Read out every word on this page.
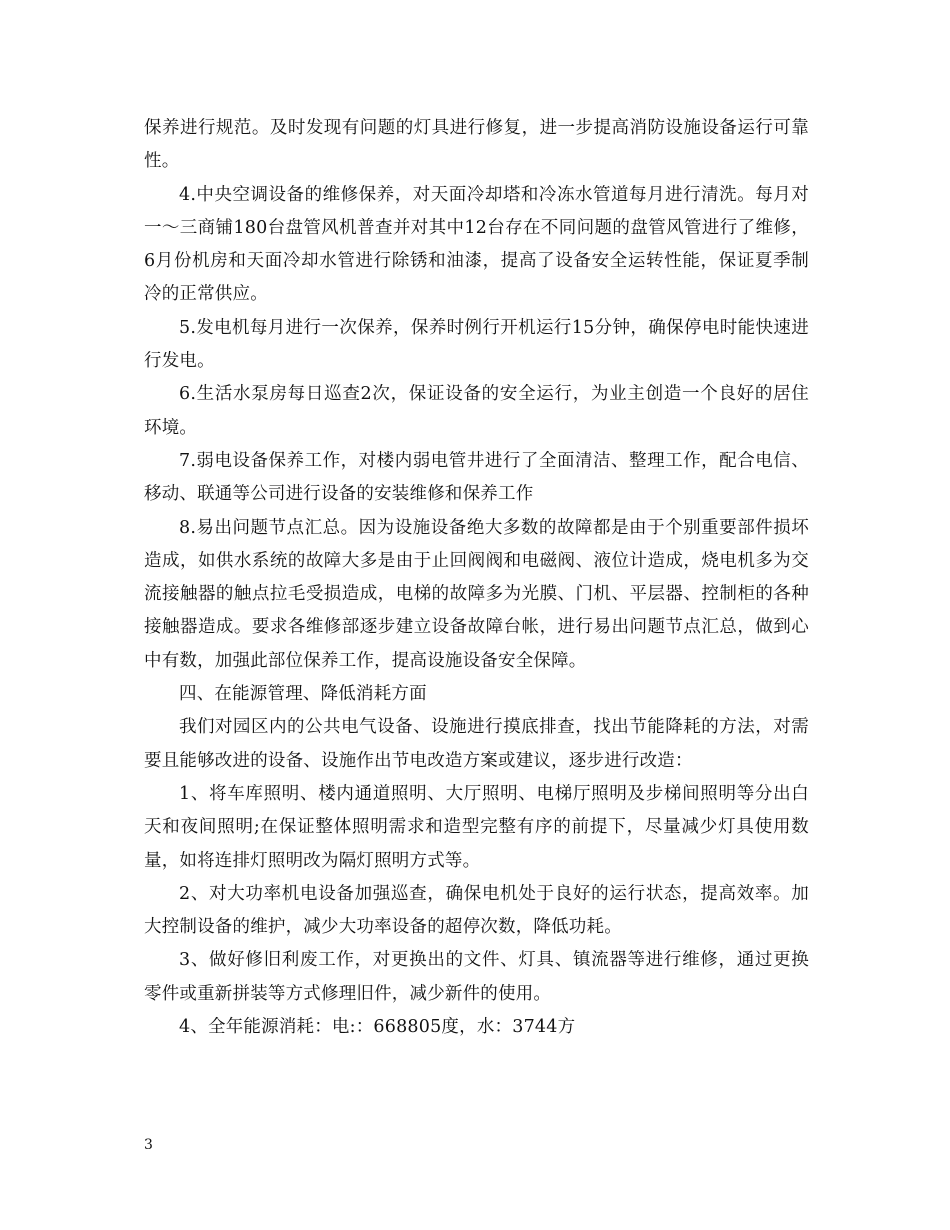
保养进行规范。及时发现有问题的灯具进行修复，进一步提高消防设施设备运行可靠性。

4.中央空调设备的维修保养，对天面冷却塔和冷冻水管道每月进行清洗。每月对一～三商铺180台盘管风机普查并对其中12台存在不同问题的盘管风管进行了维修，6月份机房和天面冷却水管进行除锈和油漆，提高了设备安全运转性能，保证夏季制冷的正常供应。

5.发电机每月进行一次保养，保养时例行开机运行15分钟，确保停电时能快速进行发电。

6.生活水泵房每日巡查2次，保证设备的安全运行，为业主创造一个良好的居住环境。

7.弱电设备保养工作，对楼内弱电管井进行了全面清洁、整理工作，配合电信、移动、联通等公司进行设备的安装维修和保养工作

8.易出问题节点汇总。因为设施设备绝大多数的故障都是由于个别重要部件损坏造成，如供水系统的故障大多是由于止回阀阀和电磁阀、液位计造成，烧电机多为交流接触器的触点拉毛受损造成，电梯的故障多为光膜、门机、平层器、控制柜的各种接触器造成。要求各维修部逐步建立设备故障台帐，进行易出问题节点汇总，做到心中有数，加强此部位保养工作，提高设施设备安全保障。

四、在能源管理、降低消耗方面

我们对园区内的公共电气设备、设施进行摸底排查，找出节能降耗的方法，对需要且能够改进的设备、设施作出节电改造方案或建议，逐步进行改造：

1、将车库照明、楼内通道照明、大厅照明、电梯厅照明及步梯间照明等分出白天和夜间照明;在保证整体照明需求和造型完整有序的前提下，尽量减少灯具使用数量，如将连排灯照明改为隔灯照明方式等。

2、对大功率机电设备加强巡查，确保电机处于良好的运行状态，提高效率。加大控制设备的维护，减少大功率设备的超停次数，降低功耗。

3、做好修旧利废工作，对更换出的文件、灯具、镇流器等进行维修，通过更换零件或重新拼装等方式修理旧件，减少新件的使用。

4、全年能源消耗：电:：668805度，水：3744方

3
